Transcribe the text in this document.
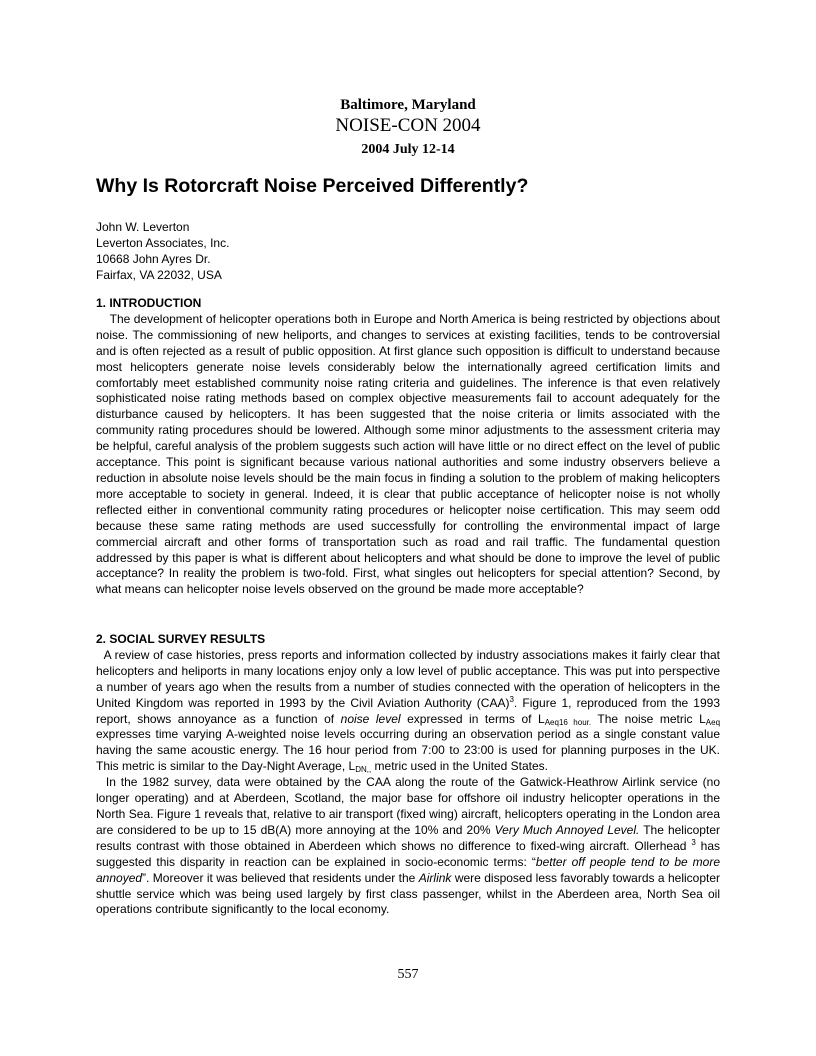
Baltimore, Maryland
NOISE-CON 2004
2004 July 12-14
Why Is Rotorcraft Noise Perceived Differently?
John W. Leverton
Leverton Associates, Inc.
10668 John Ayres Dr.
Fairfax, VA 22032, USA
1. INTRODUCTION

The development of helicopter operations both in Europe and North America is being restricted by objections about noise. The commissioning of new heliports, and changes to services at existing facilities, tends to be controversial and is often rejected as a result of public opposition. At first glance such opposition is difficult to understand because most helicopters generate noise levels considerably below the internationally agreed certification limits and comfortably meet established community noise rating criteria and guidelines. The inference is that even relatively sophisticated noise rating methods based on complex objective measurements fail to account adequately for the disturbance caused by helicopters. It has been suggested that the noise criteria or limits associated with the community rating procedures should be lowered. Although some minor adjustments to the assessment criteria may be helpful, careful analysis of the problem suggests such action will have little or no direct effect on the level of public acceptance. This point is significant because various national authorities and some industry observers believe a reduction in absolute noise levels should be the main focus in finding a solution to the problem of making helicopters more acceptable to society in general. Indeed, it is clear that public acceptance of helicopter noise is not wholly reflected either in conventional community rating procedures or helicopter noise certification. This may seem odd because these same rating methods are used successfully for controlling the environmental impact of large commercial aircraft and other forms of transportation such as road and rail traffic. The fundamental question addressed by this paper is what is different about helicopters and what should be done to improve the level of public acceptance? In reality the problem is two-fold. First, what singles out helicopters for special attention? Second, by what means can helicopter noise levels observed on the ground be made more acceptable?

2. SOCIAL SURVEY RESULTS

A review of case histories, press reports and information collected by industry associations makes it fairly clear that helicopters and heliports in many locations enjoy only a low level of public acceptance. This was put into perspective a number of years ago when the results from a number of studies connected with the operation of helicopters in the United Kingdom was reported in 1993 by the Civil Aviation Authority (CAA)$^3$. Figure 1, reproduced from the 1993 report, shows annoyance as a function of noise level expressed in terms of $L_{Aeq16 hour.}$ The noise metric $L_{Aeq}$ expresses time varying A-weighted noise levels occurring during an observation period as a single constant value having the same acoustic energy. The 16 hour period from 7:00 to 23:00 is used for planning purposes in the UK. This metric is similar to the Day-Night Average, $L_{DN,,}$ metric used in the United States.

In the 1982 survey, data were obtained by the CAA along the route of the Gatwick-Heathrow Airlink service (no longer operating) and at Aberdeen, Scotland, the major base for offshore oil industry helicopter operations in the North Sea. Figure 1 reveals that, relative to air transport (fixed wing) aircraft, helicopters operating in the London area are considered to be up to 15 dB(A) more annoying at the 10% and 20% Very Much Annoyed Level. The helicopter results contrast with those obtained in Aberdeen which shows no difference to fixed-wing aircraft. Ollerhead $^3$ has suggested this disparity in reaction can be explained in socio-economic terms: “better off people tend to be more annoyed”. Moreover it was believed that residents under the Airlink were disposed less favorably towards a helicopter shuttle service which was being used largely by first class passenger, whilst in the Aberdeen area, North Sea oil operations contribute significantly to the local economy.

557
